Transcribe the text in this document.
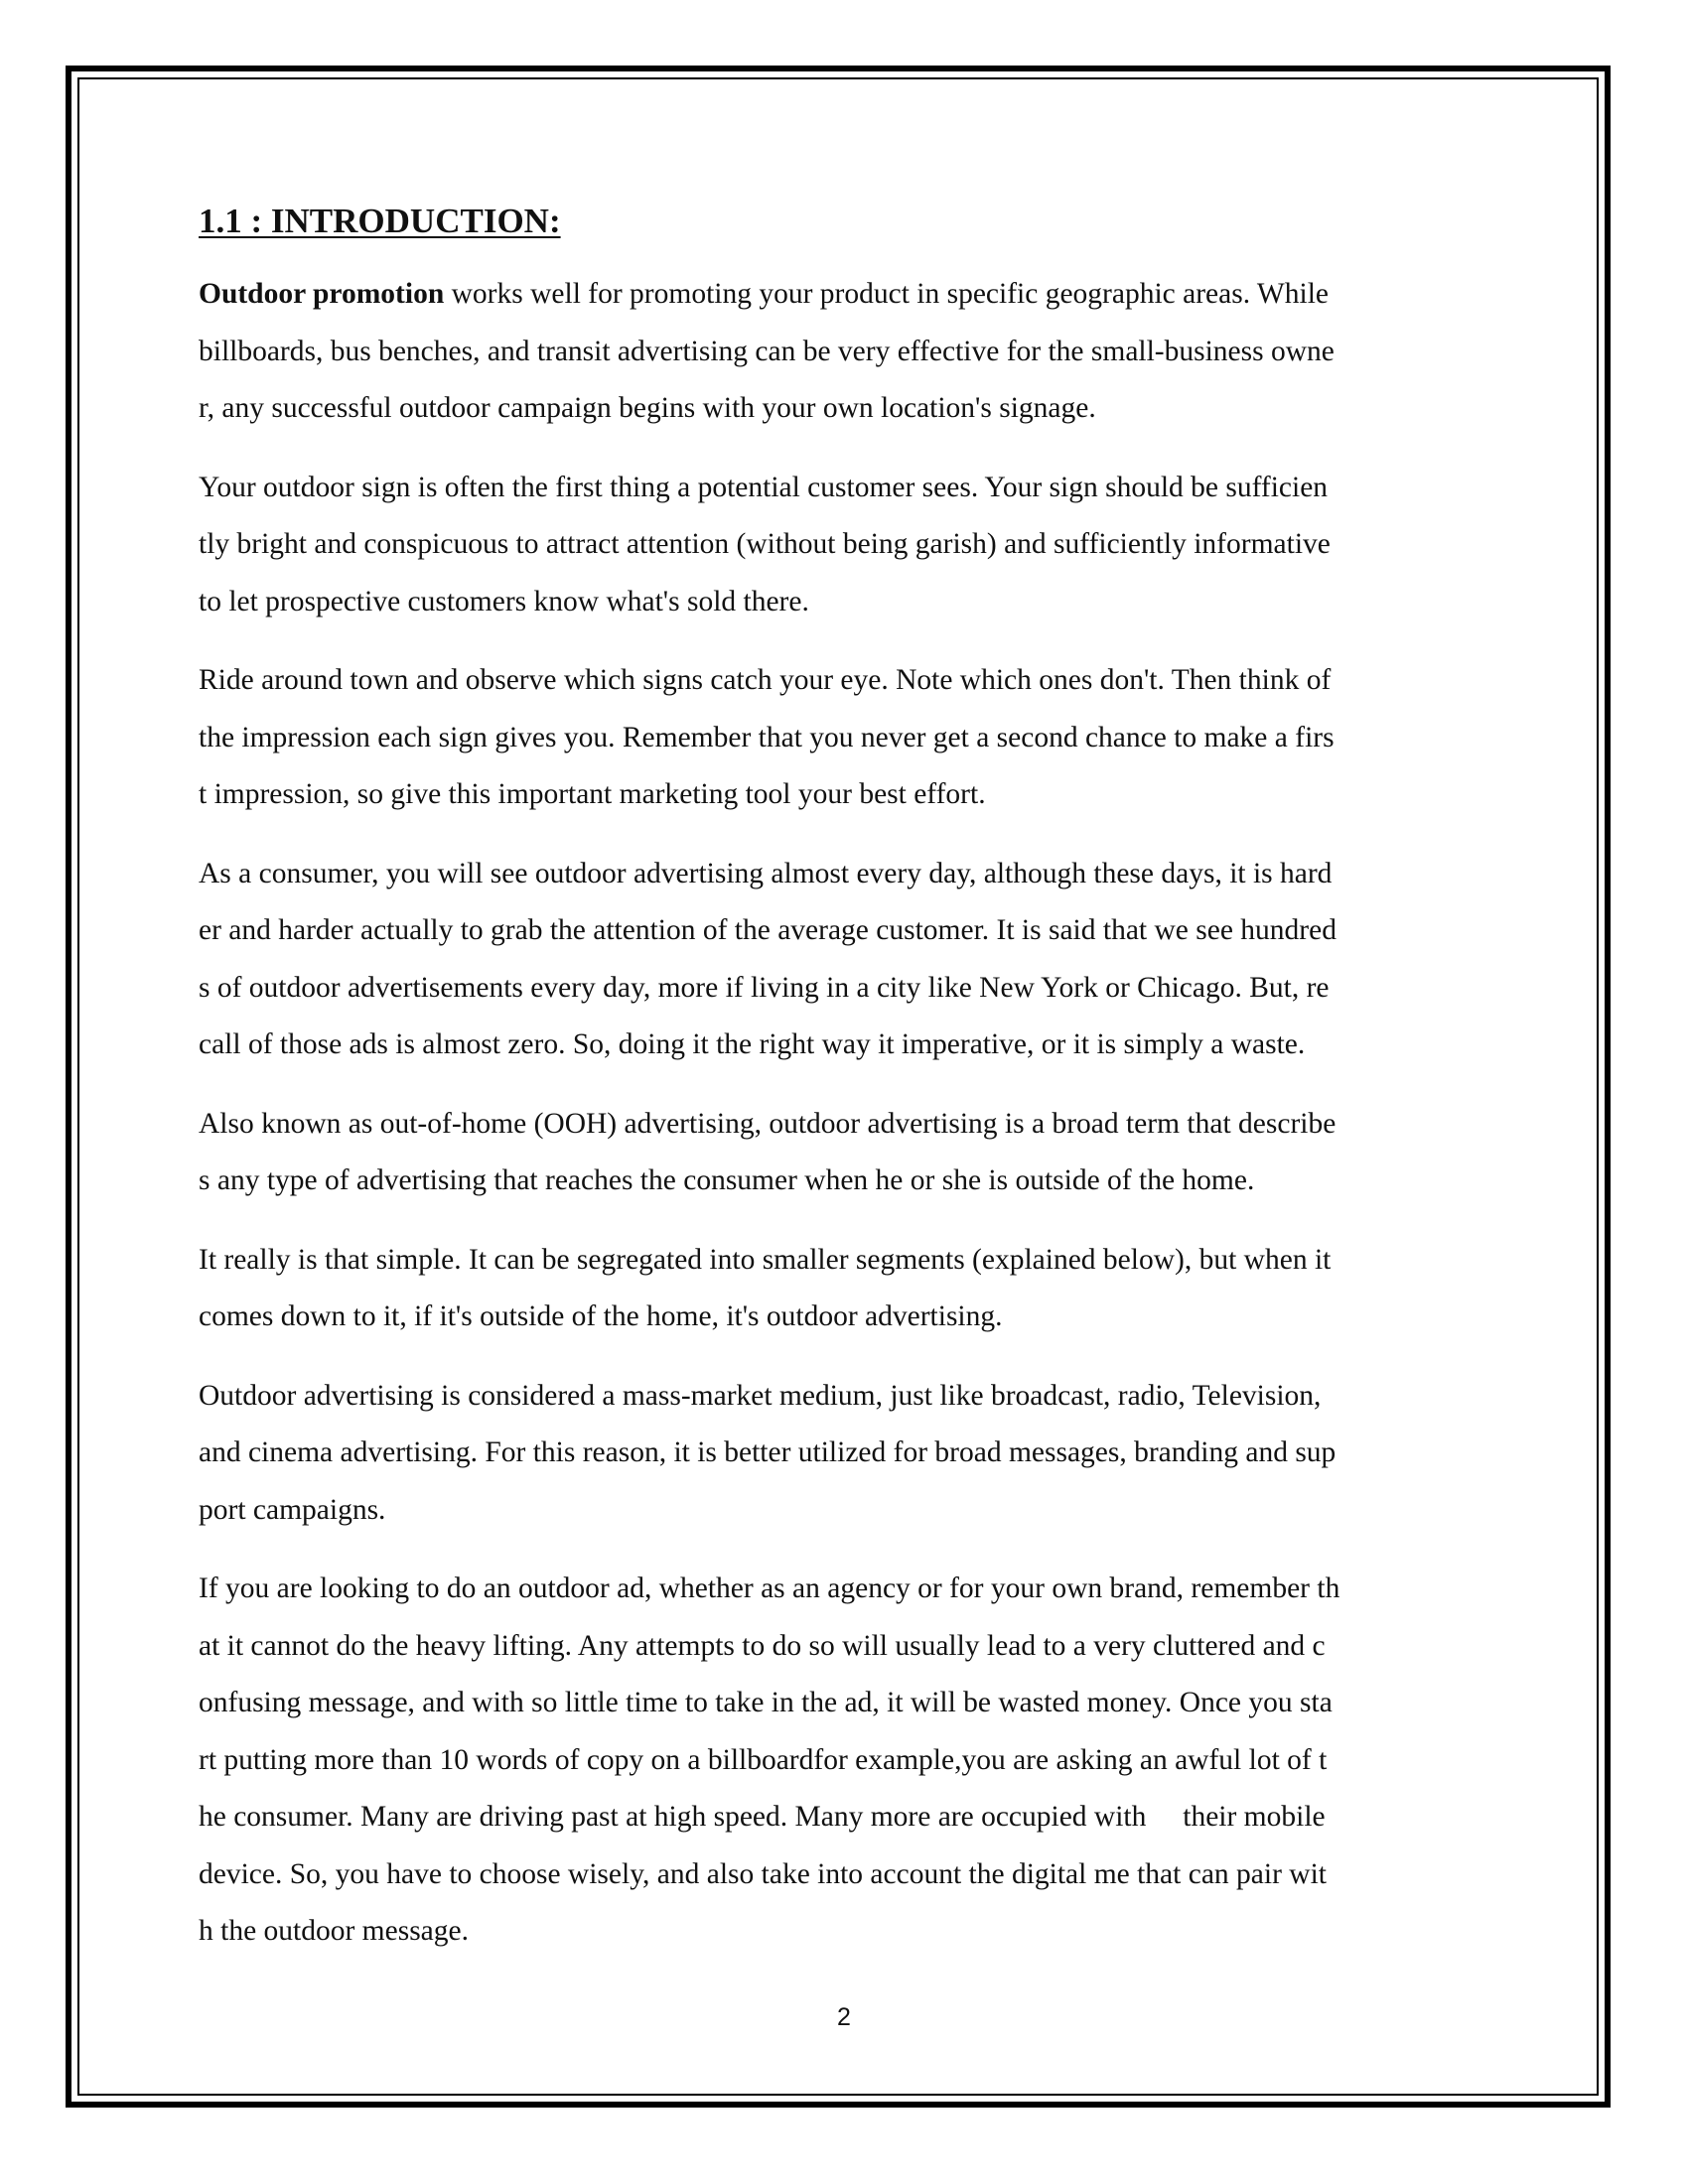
1.1 : INTRODUCTION:

Outdoor promotion works well for promoting your product in specific geographic areas. While
billboards, bus benches, and transit advertising can be very effective for the small-business owne
r, any successful outdoor campaign begins with your own location's signage.

Your outdoor sign is often the first thing a potential customer sees. Your sign should be sufficien
tly bright and conspicuous to attract attention (without being garish) and sufficiently informative
to let prospective customers know what's sold there.

Ride around town and observe which signs catch your eye. Note which ones don't. Then think of
the impression each sign gives you. Remember that you never get a second chance to make a firs
t impression, so give this important marketing tool your best effort.

As a consumer, you will see outdoor advertising almost every day, although these days, it is hard
er and harder actually to grab the attention of the average customer. It is said that we see hundred
s of outdoor advertisements every day, more if living in a city like New York or Chicago. But, re
call of those ads is almost zero. So, doing it the right way it imperative, or it is simply a waste.

Also known as out-of-home (OOH) advertising, outdoor advertising is a broad term that describe
s any type of advertising that reaches the consumer when he or she is outside of the home.

It really is that simple. It can be segregated into smaller segments (explained below), but when it
comes down to it, if it's outside of the home, it's outdoor advertising.

Outdoor advertising is considered a mass-market medium, just like broadcast, radio, Television,
and cinema advertising. For this reason, it is better utilized for broad messages, branding and sup
port campaigns.

If you are looking to do an outdoor ad, whether as an agency or for your own brand, remember th
at it cannot do the heavy lifting. Any attempts to do so will usually lead to a very cluttered and c
onfusing message, and with so little time to take in the ad, it will be wasted money. Once you sta
rt putting more than 10 words of copy on a billboardfor example,you are asking an awful lot of t
he consumer. Many are driving past at high speed. Many more are occupied with     their mobile
device. So, you have to choose wisely, and also take into account the digital me that can pair wit
h the outdoor message.

2
